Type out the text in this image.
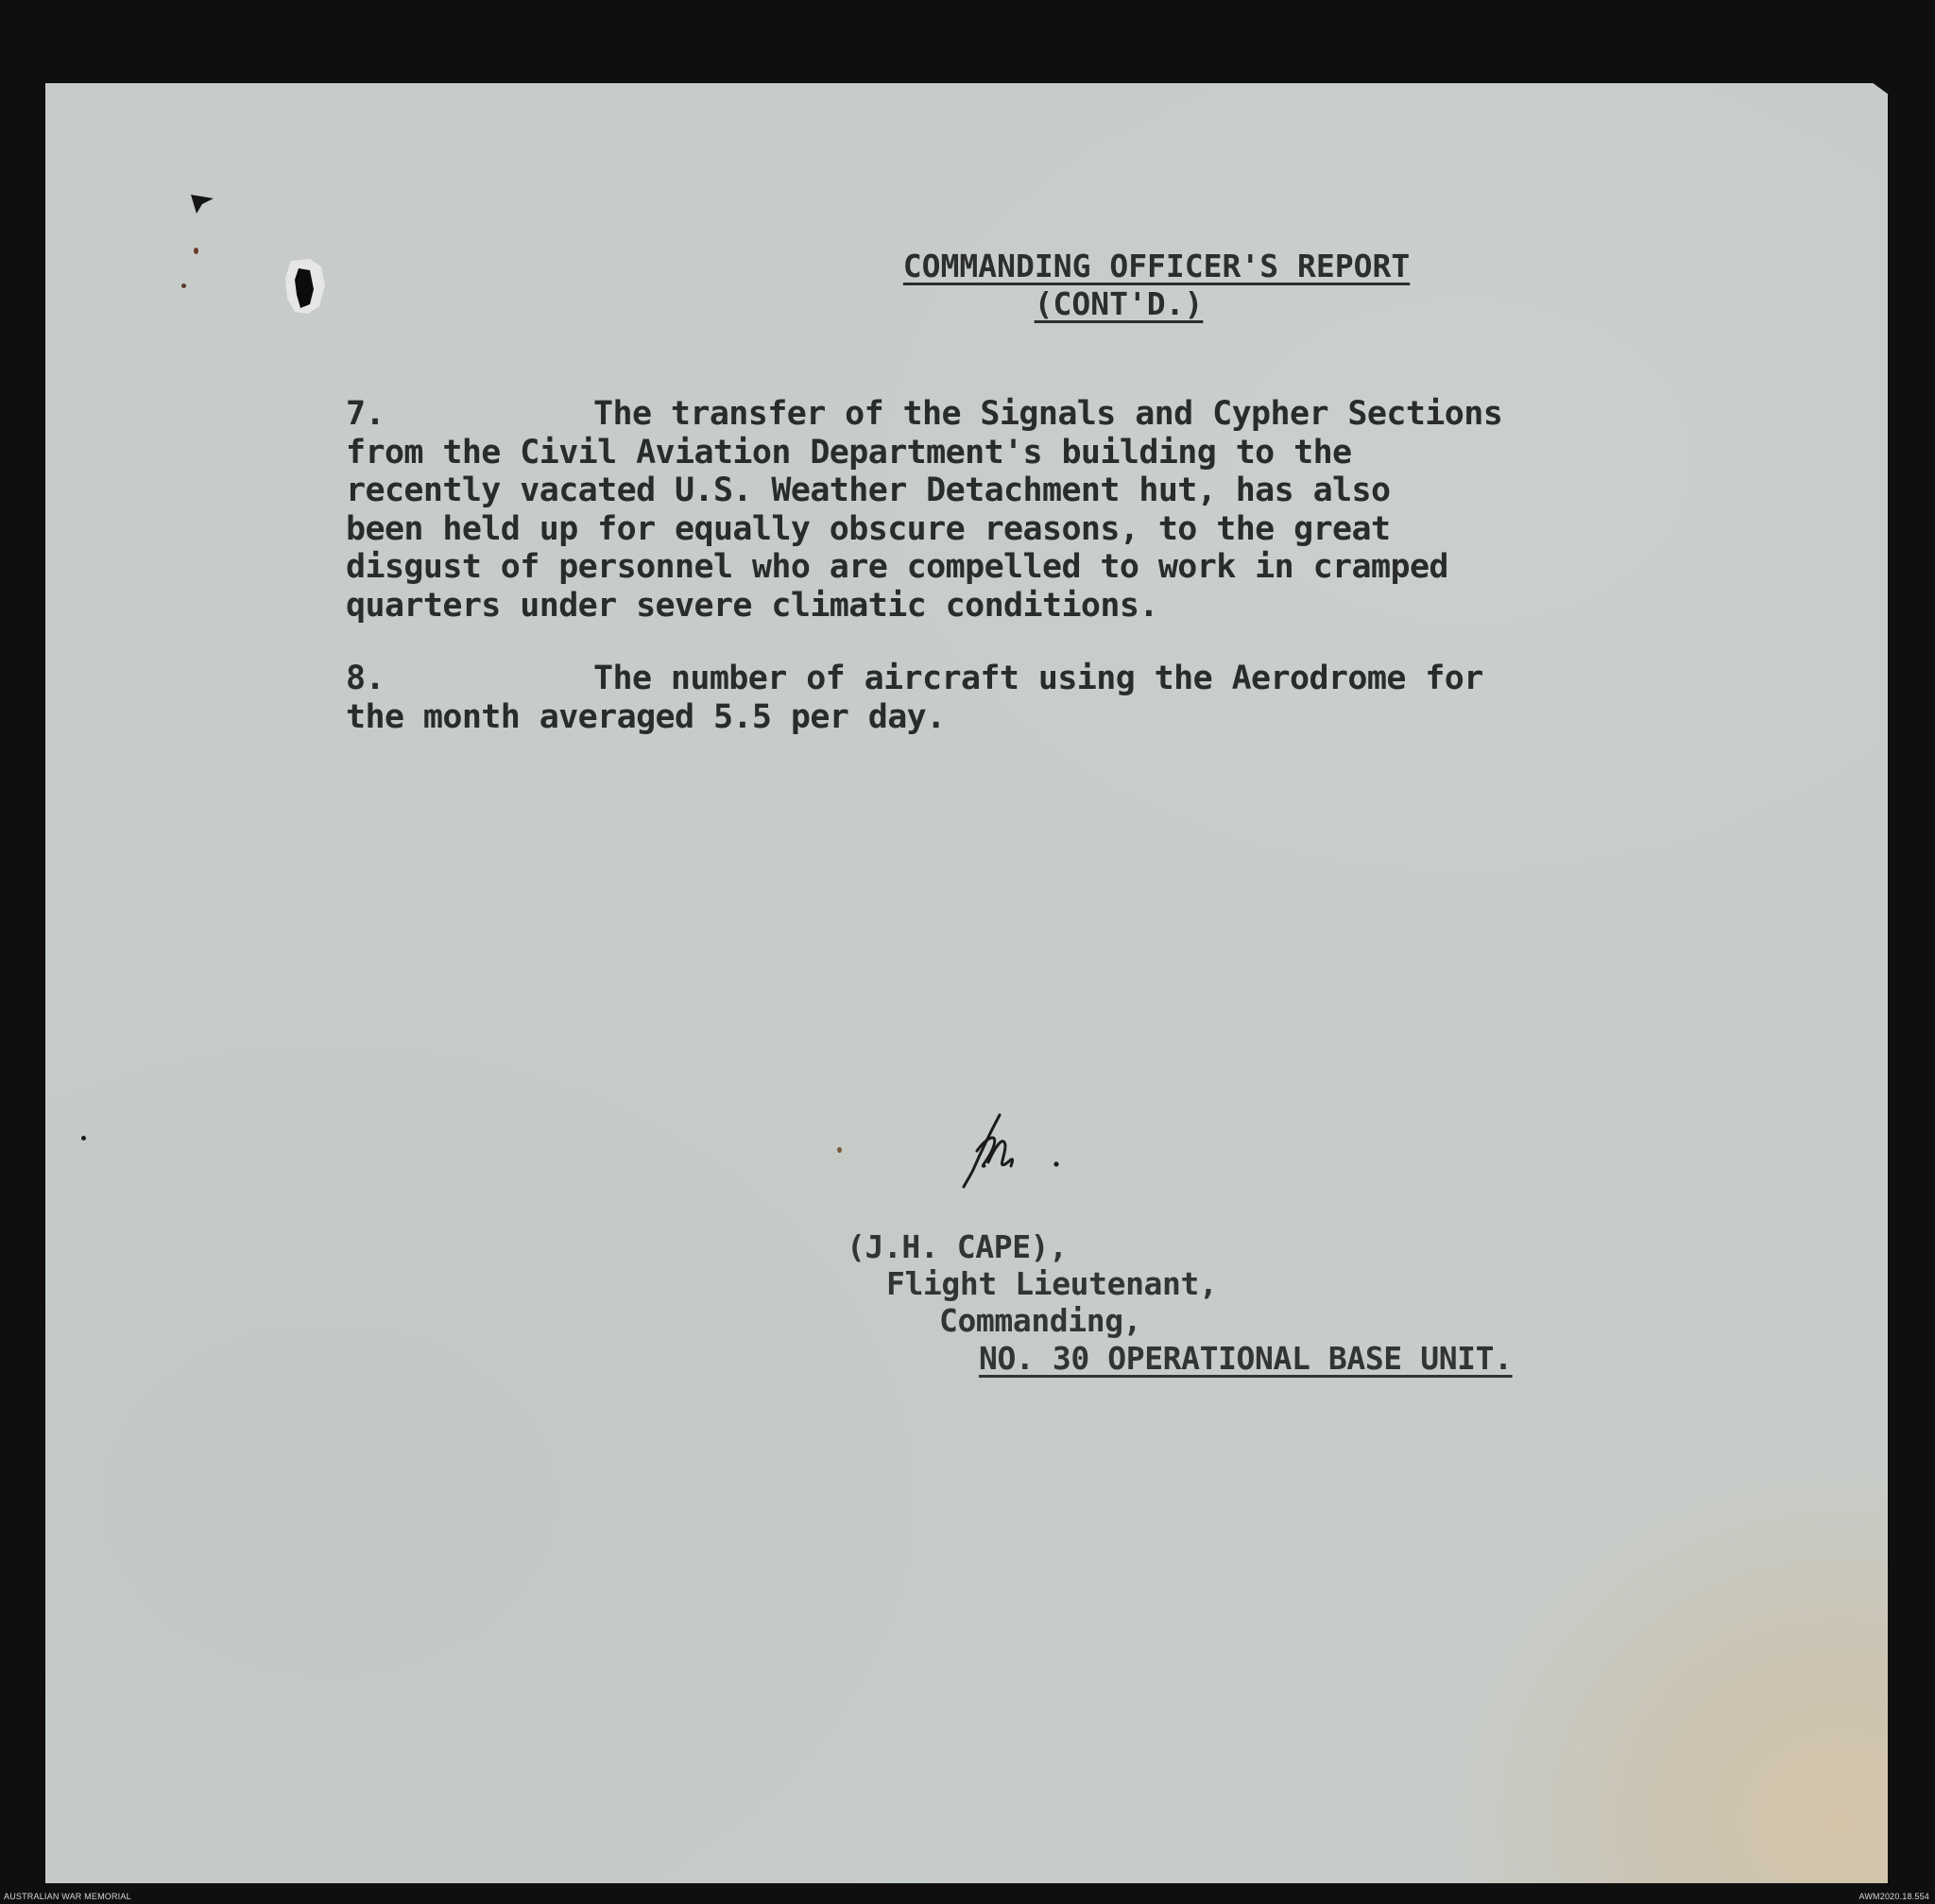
COMMANDING OFFICER'S REPORT
(CONT'D.)
7.	The transfer of the Signals and Cypher Sections
from the Civil Aviation Department's building to the
recently vacated U.S. Weather Detachment hut, has also
been held up for equally obscure reasons, to the great
disgust of personnel who are compelled to work in cramped
quarters under severe climatic conditions.
8.	The number of aircraft using the Aerodrome for
the month averaged 5.5 per day.
(J.H. CAPE),
Flight Lieutenant,
Commanding,
NO. 30 OPERATIONAL BASE UNIT.
AUSTRALIAN WAR MEMORIAL	AWM2020.18.554
